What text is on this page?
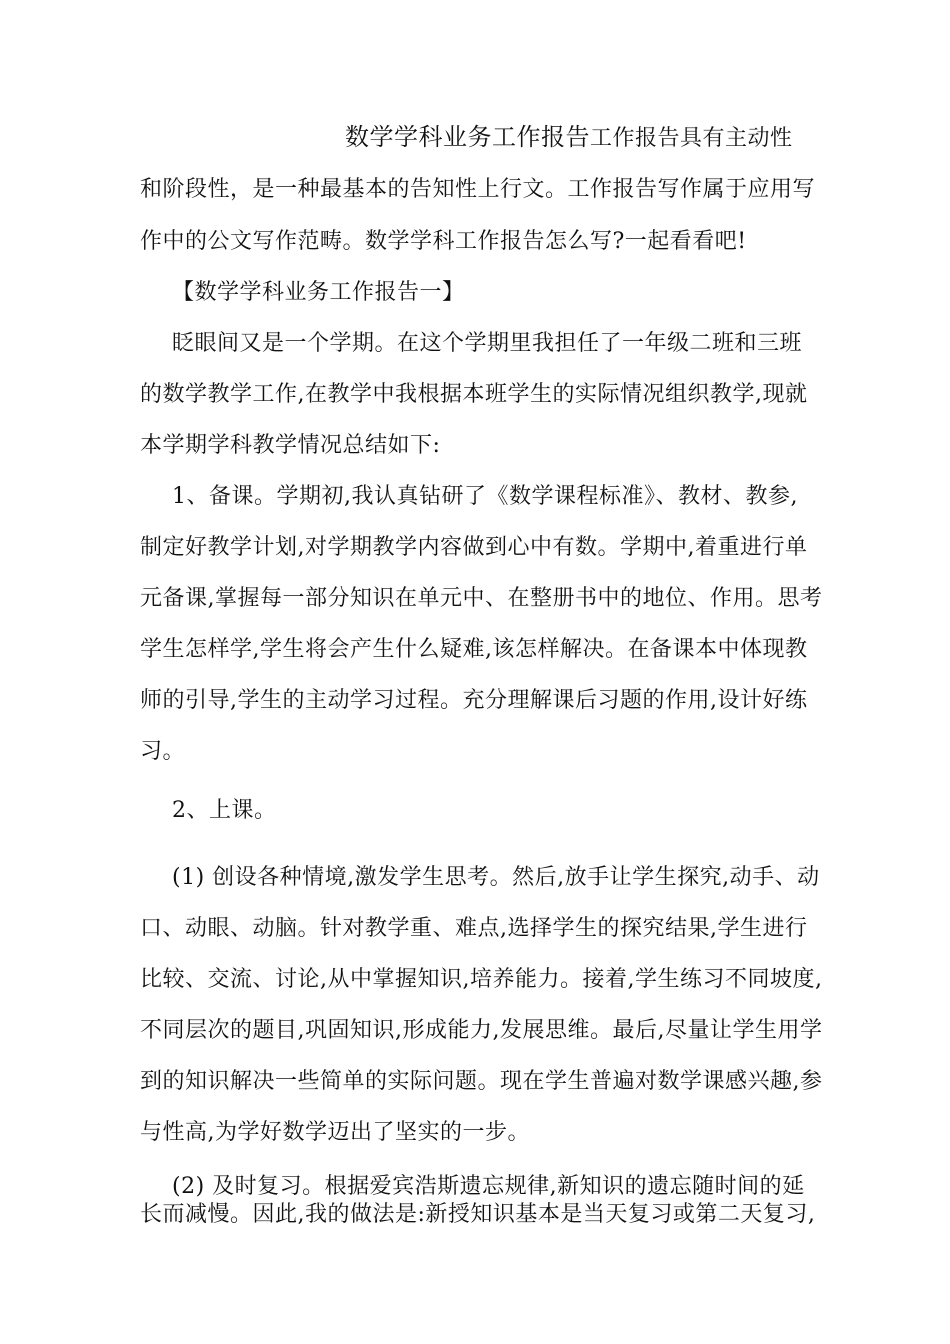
数学学科业务工作报告工作报告具有主动性
和阶段性，是一种最基本的告知性上行文。工作报告写作属于应用写
作中的公文写作范畴。数学学科工作报告怎么写?一起看看吧!
【数学学科业务工作报告一】
眨眼间又是一个学期。在这个学期里我担任了一年级二班和三班
的数学教学工作,在教学中我根据本班学生的实际情况组织教学,现就
本学期学科教学情况总结如下:
1、备课。学期初,我认真钻研了《数学课程标准》、教材、教参,
制定好教学计划,对学期教学内容做到心中有数。学期中,着重进行单
元备课,掌握每一部分知识在单元中、在整册书中的地位、作用。思考
学生怎样学,学生将会产生什么疑难,该怎样解决。在备课本中体现教
师的引导,学生的主动学习过程。充分理解课后习题的作用,设计好练
习。
2、上课。
(1) 创设各种情境,激发学生思考。然后,放手让学生探究,动手、动
口、动眼、动脑。针对教学重、难点,选择学生的探究结果,学生进行
比较、交流、讨论,从中掌握知识,培养能力。接着,学生练习不同坡度,
不同层次的题目,巩固知识,形成能力,发展思维。最后,尽量让学生用学
到的知识解决一些简单的实际问题。现在学生普遍对数学课感兴趣,参
与性高,为学好数学迈出了坚实的一步。
(2) 及时复习。根据爱宾浩斯遗忘规律,新知识的遗忘随时间的延
长而减慢。因此,我的做法是:新授知识基本是当天复习或第二天复习,
